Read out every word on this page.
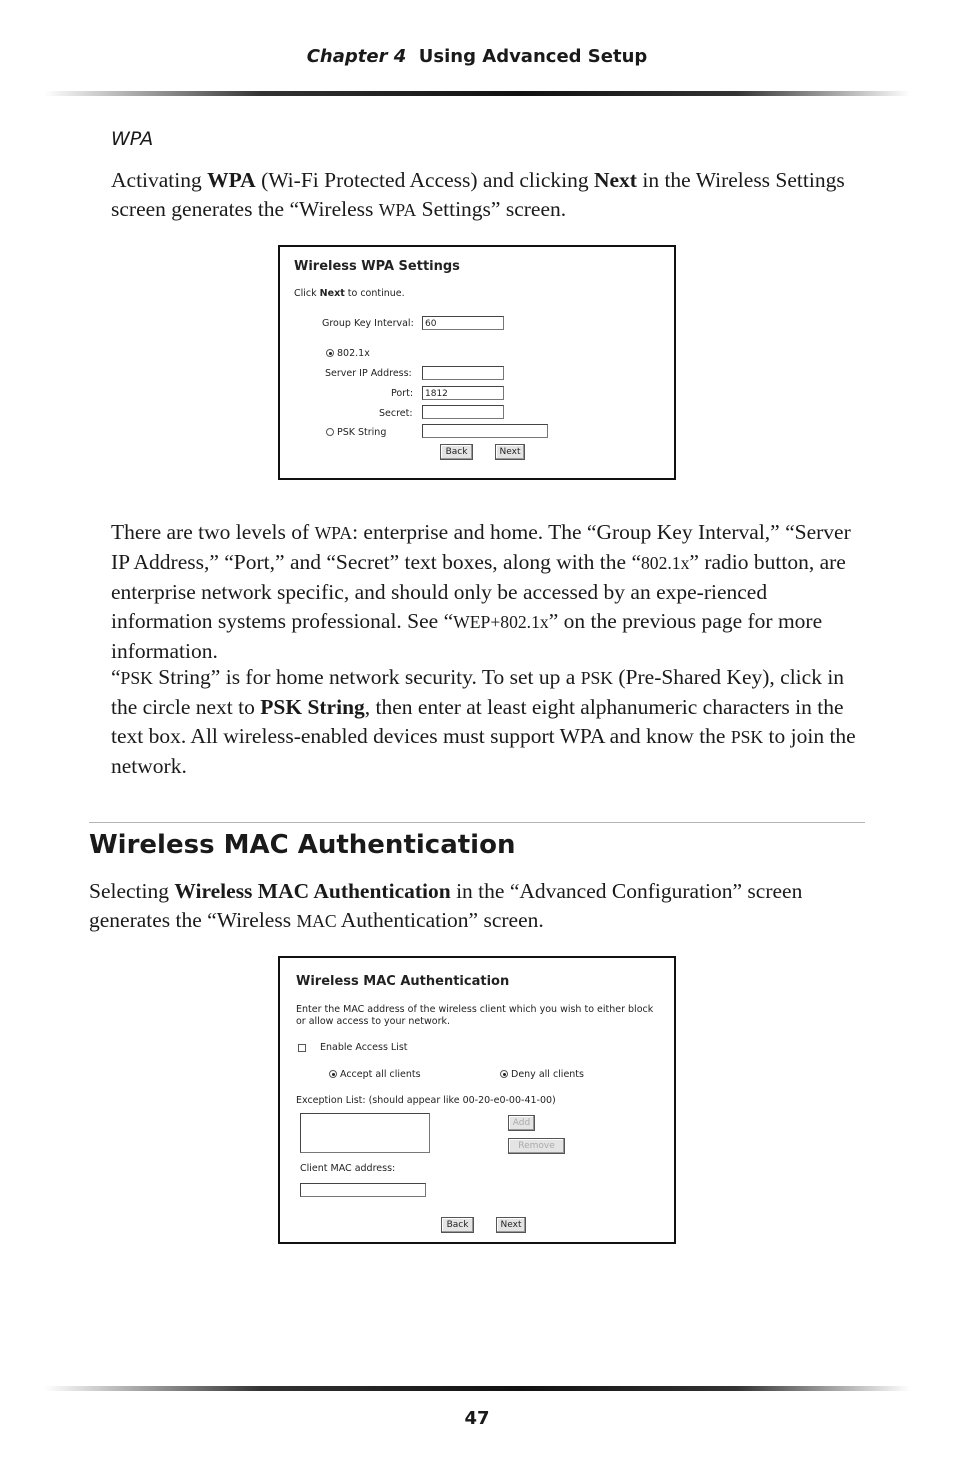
Chapter 4 Using Advanced Setup
WPA
Activating WPA (Wi-Fi Protected Access) and clicking Next in the Wireless Settings screen generates the “Wireless WPA Settings” screen.
Wireless WPA Settings
Click Next to continue.
Group Key Interval:	60
802.1x
Server IP Address:
Port:	1812
Secret:
PSK String
Back	Next
There are two levels of WPA: enterprise and home. The “Group Key Interval,” “Server IP Address,” “Port,” and “Secret” text boxes, along with the “802.1x” radio button, are enterprise network specific, and should only be accessed by an expe-rienced information systems professional. See “WEP+802.1x” on the previous page for more information.
“PSK String” is for home network security. To set up a PSK (Pre-Shared Key), click in the circle next to PSK String, then enter at least eight alphanumeric characters in the text box. All wireless-enabled devices must support WPA and know the PSK to join the network.
Wireless MAC Authentication
Selecting Wireless MAC Authentication in the “Advanced Configuration” screen generates the “Wireless MAC Authentication” screen.
Wireless MAC Authentication
Enter the MAC address of the wireless client which you wish to either block
or allow access to your network.
Enable Access List
Accept all clients	Deny all clients
Exception List: (should appear like 00-20-e0-00-41-00)
Add
Remove
Client MAC address:
Back	Next
47
